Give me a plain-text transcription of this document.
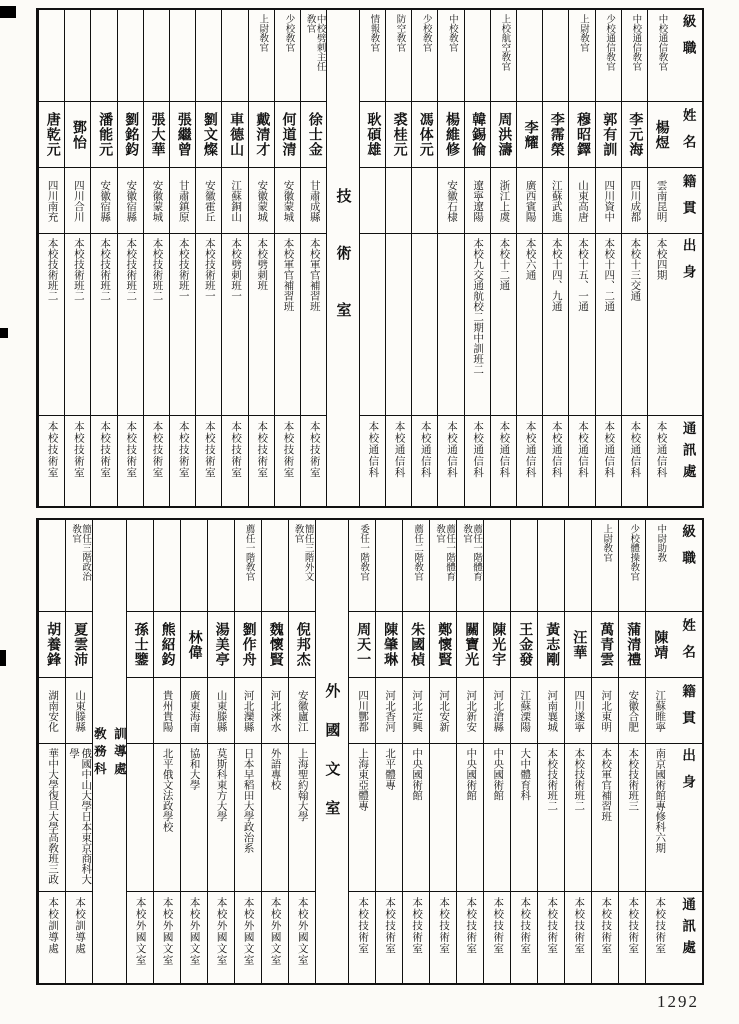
級職
姓名
籍貫
出身
通訊處
中校通信敎官
楊煜
雲南昆明
本校四期
本校通信科
中校通信敎官
李元海
四川成都
本校十三交通
本校通信科
少校通信敎官
郭有訓
四川資中
本校十四、二通
本校通信科
上尉敎官
穆昭鐸
山東高唐
本校十五、一通
本校通信科
李霈榮
江蘇武進
本校十四、九通
本校通信科
李耀
廣西賓陽
本校六通
本校通信科
上校航空敎官
周洪濤
浙江上虞
本校十二通
本校通信科
韓錫倫
遼寧遼陽
本校九交通航校二期中訓班二
本校通信科
中校敎官
楊維修
安徽石棣
本校通信科
少校敎官
馮体元
本校通信科
防空敎官
裘桂元
本校通信科
情報敎官
耿碩雄
本校通信科
技術室
中校劈刺主任敎官
徐士金
甘肅成縣
本校軍官補習班
本校技術室
少校敎官
何道清
安徽蒙城
本校軍官補習班
本校技術室
上尉敎官
戴清才
安徽蒙城
本校劈刺班
本校技術室
車德山
江蘇銅山
本校劈刺班一
本校技術室
劉文燦
安徽霍丘
本校技術班一
本校技術室
張繼曾
甘肅鎮原
本校技術班一
本校技術室
張大華
安徽蒙城
本校技術班二
本校技術室
劉銘鈞
安徽宿縣
本校技術班二
本校技術室
潘能元
安徽宿縣
本校技術班二
本校技術室
鄧怡
四川合川
本校技術班二
本校技術室
唐乾元
四川南充
本校技術班二
本校技術室
級職
姓名
籍貫
出身
通訊處
中尉助敎
陳靖
江蘇睢寧
南京國術館專修科六期
本校技術室
少校體操敎官
蒲清禮
安徽合肥
本校技術班三
本校技術室
上尉敎官
萬青雲
河北東明
本校軍官補習班
本校技術室
汪華
四川遂寧
本校技術班二
本校技術室
黃志剛
河南襄城
本校技術班二
本校技術室
王金發
江蘇溧陽
大中體育科
本校技術室
陳光宇
河北滄縣
中央國術館
本校技術室
薦任一階體育敎官
關寶光
河北新安
中央國術館
本校技術室
薦任一階體育敎官
鄭懷賢
河北安新
本校技術室
薦任二階敎官
朱國楨
河北定興
中央國術館
本校技術室
陳肇琳
河北香河
北平體專
本校技術室
委任一階敎官
周天一
四川酆都
上海東亞體專
本校技術室
外國文室
簡任三階外文敎官
倪邦杰
安徽廬江
上海聖約翰大學
本校外國文室
魏懷賢
河北淶水
外語專校
本校外國文室
薦任一階敎官
劉作舟
河北灤縣
日本早稻田大學政治系
本校外國文室
湯美亭
山東滕縣
莫斯科東方大學
本校外國文室
林偉
廣東海南
協和大學
本校外國文室
熊紹鈞
貴州貴陽
北平俄文法政學校
本校外國文室
孫士鑒
本校外國文室
訓導處
敎務科
簡任三階政治敎官
夏雲沛
山東滕縣
俄國中山大學日本東京商科大學
本校訓導處
胡養鋒
湖南安化
華中大學復旦大學高敎班三政
本校訓導處
1292
